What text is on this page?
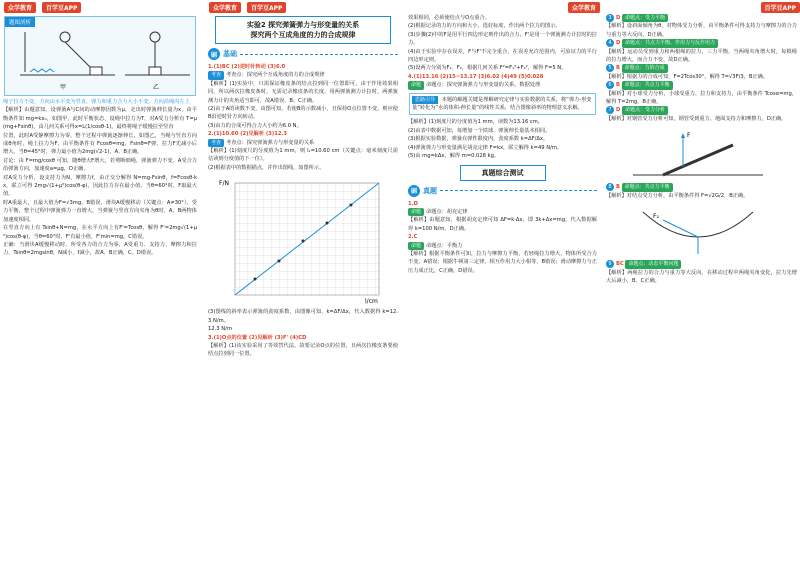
众学教育	百学豆APP
题图剖析
甲	乙

绳子拉力不变，方向由水平变为竖直，弹力和重力合力大小不变，方向沿绳向左上

【解析】由题意知，设弹簧A与C间的动摩擦因数为μ，走出时弹簧伸长量为x，由平衡条件知 mg=kx₀，如图甲，此时平衡状态，设绳中拉力为T，对A受力分析有 T=μ(mg+Fsinθ)，由几何关系可得x=L(1/cosθ-1)，最终将绳子缓慢拉至竖直

位置，此时A受静摩擦力为零，整个过程中弹簧逐渐伸长，如图乙，当绳与竖直方向成θ角时，绳上拉力为F，由平衡条件有 Fcosθ=mg，Fsinθ=F弹，拉力F先减小后增大，当θ=45°时，弹力最小值为2mg(√2-1)，A、B正确。

讨论：由 F=mg/cosθ 可知，随θ增大F增大，若剪断细绳，弹簧弹力不变，A受合力沿弹簧方向，加速度a=μg，D正确。

对A受力分析，设支持力为N，摩擦力f，由正交分解得 N=mg-Fsinθ，f=Fcosθ-kx，联立可得 2mg√(1+μ²)cos(θ-φ)，因此拉力存在最小值，当θ=60°时，F取最大值。

时A重最大，且最大值为F=√3mg，B错误，滑块A缓慢移动（关键点：A≠30°），受力平衡，整个过程中弹簧弹力一直增大，当弹簧与竖直方向夹角为θ时，A、B两物体加速度相同。

在竖直方向上有 Tsinθ+N=mg，在水平方向上有F'=Tcosθ，解得 F'=2mg√(1+μ²)cos(θ-φ)，当θ=60°时，F'有最小值，F'min=mg，C错误。

正确：当滑块A缓慢移动时，所受各力的合力为零，A受重力、支持力、摩擦力和拉力，Tsinθ=2mgsinθ，N减小，f减小，故A、B正确，C、D错误。

众学教育	百学豆APP
实验2 探究弹簧弹力与形变量的关系
探究两个互成角度的力的合成规律
刷 基础

1.(1)BC (2)逆时针转动 (3)6.0

考查 考查点：探究两个互成角度的力的合成规律

【解析】(1)实验中，只需保证橡皮条的结点拉到同一位置即可，由于作用效果相同，所以两次拉橡皮条时，无需记录橡皮条的长度，用两弹簧测力计拉时，两弹簧测力计的夹角适当即可，故A错误，B、C正确。

(2)由于A的读数不变，由图可知，若使B的示数减小，且保持O点位置不变，则应使B沿逆时针方向转动。

(3)由力的合成可得合力大小约为6.0 N。

2.(1)10.60 (2)见解析 (3)12.3

考查 考查点：探究弹簧弹力与形变量的关系

【解析】(1)刻度尺的分度值为1 mm，则 l₁=10.60 cm（关键点：毫米刻度尺需估读到分度值的下一位）。

(2)根据表中的数据描点，并作出图线，如图所示。

F/N
l/cm

(3)图线的斜率表示弹簧的劲度系数，由图像可知，k=ΔF/Δx，代入数据得 k=12.3 N/m。

12.3 N/m

3.(1)O点的位置 (2)见解析 (3)F' (4)CD

【解析】(1)该实验采用了等效替代法，故要记录O点的位置，且两次拉橡皮条要使结点拉到同一位置。

众学教育

效果相同，必须使结点与O点重合。

(2)根据记录的力的方向和大小，选好标度，作出两个拉力的图示。

(3)步骤(2)中的F是用平行四边形定则作出的合力，F'是用一个弹簧测力计拉时的拉力。

(4)由于实验中存在误差，F与F'不完全重合，在误差允许范围内，可验证力的平行四边形定则。

(5)设两力分别为F₁、F₂，根据几何关系 F²=F₁²+F₂²，解得 F=5 N。

4.(1)13.16 (2)15~13.17 (3)6.02 (4)49 (5)0.028

命题 命题点：探究弹簧弹力与形变量的关系，数据处理

思路引导 本题的解题关键是理解研究定律与实验数据的关系，将“弹力-形变量”转化为“水的体积-伸长量”的线性关系，结合图像斜率的物理意义求解。

【解析】(1)刻度尺的分度值为1 mm，读数为13.16 cm。

(2)由表中数据可知，每增加一个铁球，弹簧伸长量基本相同。

(3)根据实验数据，弹簧在弹性限度内，劲度系数 k=ΔF/Δx。

(4)弹簧弹力与形变量满足胡克定律 F=kx，联立解得 k=49 N/m。

(5)由 mg=kΔx，解得 m=0.028 kg。

真题综合测试
刷 真题

1.D

命题 命题点：胡克定律

【解析】由题意知，根据胡克定律可知 ΔF=k·Δx，即 3k+Δx=mg，代入数据解得 k=100 N/m，D正确。

2.C

命题 命题点：平衡力

【解析】根据平衡条件可知，拉力与摩擦力平衡，若轻绳拉力增大，物体所受合力不变，A错误；根据牛顿第三定律，相互作用力大小相等，B错误；滑动摩擦力与正压力成正比，C正确，D错误。

百学豆APP

3 D 命题点：受力平衡

【解析】设斜面倾角为θ，对物体受力分析，由平衡条件可得支持力与摩擦力的合力与重力等大反向，D正确。

4 D 命题点：共点力平衡、作用力与反作用力

【解析】运动员受到重力和两根绳的拉力，三力平衡，当两绳夹角增大时，每根绳的拉力增大，而合力不变，故D正确。

5 B 命题点：力的合成

【解析】根据力的合成可知，F=2Tcos30°，解得 T=√3F/3，B正确。

6 B 命题点：共点力平衡

【解析】对小球受力分析，小球受重力、拉力和支持力，由平衡条件 Tcosα=mg，解得 T=2mg，B正确。

7 D 命题点：受力分析

【解析】对钢管受力分析可知，钢管受到重力、地面支持力和摩擦力，D正确。

F

8 B 命题点：共点力平衡

【解析】对结点受力分析，由平衡条件得 F=√2G/2，B正确。

F₂

9 BC 命题点：动态平衡问题

【解析】两绳拉力的合力与重力等大反向，在移动过程中两绳夹角变化，拉力先增大后减小，B、C正确。
